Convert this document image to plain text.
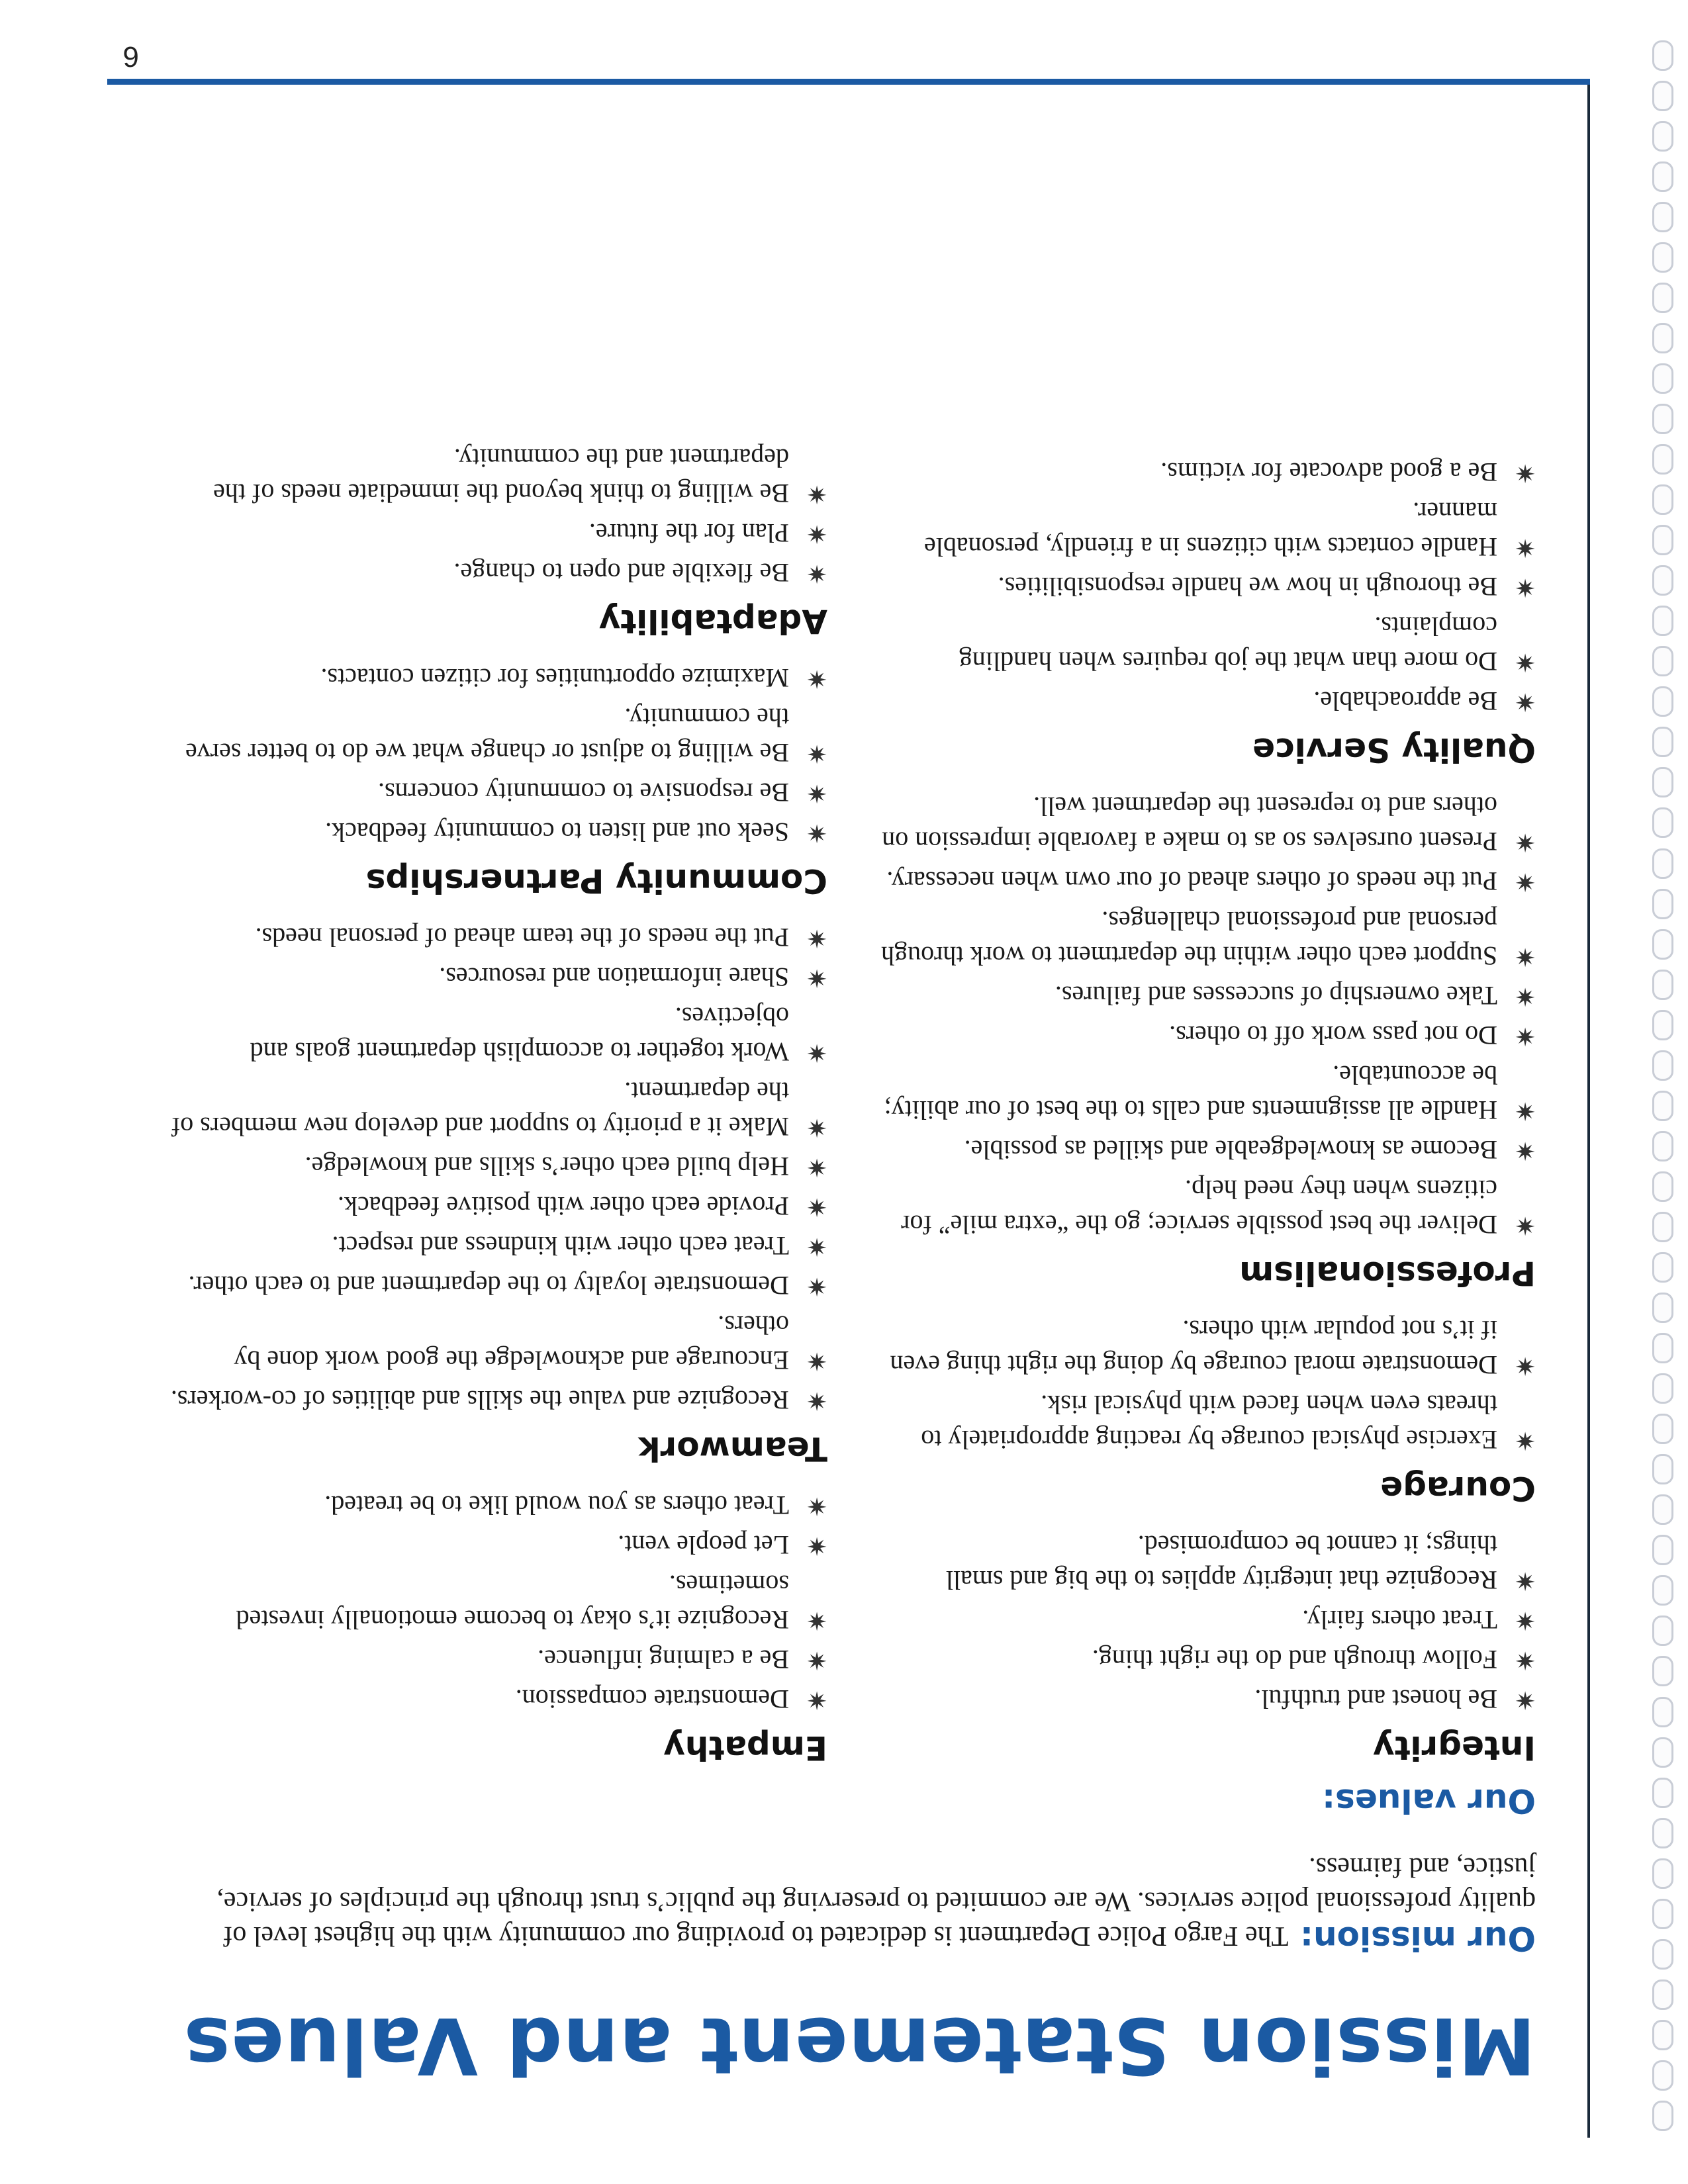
6
Mission Statement and Values

Our mission: The Fargo Police Department is dedicated to providing our community with the highest level of quality professional police services. We are commited to preserving the public’s trust through the principles of service, justice, and fairness.

Our values:
Integrity
✷
Be honest and truthful.
✷
Follow through and do the right thing.
✷
Treat others fairly.
✷
Recognize that integrity applies to the big and small things; it cannot be compromised.
Courage
✷
Exercise physical courage by reacting appropriately to threats even when faced with physical risk.
✷
Demonstrate moral courage by doing the right thing even if it’s not popular with others.
Professionalism
✷
Deliver the best possible service; go the “extra mile” for citizens when they need help.
✷
Become as knowledgeable and skilled as possible.
✷
Handle all assignments and calls to the best of our ability; be accountable.
✷
Do not pass work off to others.
✷
Take ownership of successes and failures.
✷
Support each other within the department to work through personal and professional challenges.
✷
Put the needs of others ahead of our own when necessary.
✷
Present ourselves so as to make a favorable impression on others and to represent the department well.
Quality Service
✷
Be approachable.
✷
Do more than what the job requires when handling complaints.
✷
Be thorough in how we handle responsibilities.
✷
Handle contacts with citizens in a friendly, personable manner.
✷
Be a good advocate for victims.
Empathy
✷
Demonstrate compassion.
✷
Be a calming influence.
✷
Recognize it’s okay to become emotionally invested sometimes.
✷
Let people vent.
✷
Treat others as you would like to be treated.
Teamwork
✷
Recognize and value the skills and abilities of co-workers.
✷
Encourage and acknowledge the good work done by others.
✷
Demonstrate loyalty to the department and to each other.
✷
Treat each other with kindness and respect.
✷
Provide each other with positive feedback.
✷
Help build each other’s skills and knowledge.
✷
Make it a priority to support and develop new members of the department.
✷
Work together to accomplish department goals and objectives.
✷
Share information and resources.
✷
Put the needs of the team ahead of personal needs.
Community Partnerships
✷
Seek out and listen to community feedback.
✷
Be responsive to community concerns.
✷
Be willing to adjust or change what we do to better serve the community.
✷
Maximize opportunities for citizen contacts.
Adaptability
✷
Be flexible and open to change.
✷
Plan for the future.
✷
Be willing to think beyond the immediate needs of the department and the community.
